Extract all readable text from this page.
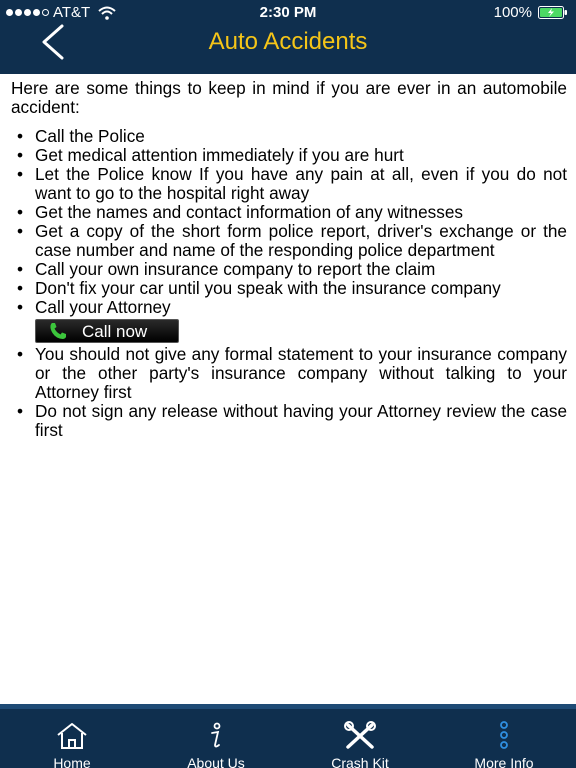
AT&T	2:30 PM	100%
Auto Accidents

Here are some things to keep in mind if you are ever in an automobile accident:

• Call the Police
• Get medical attention immediately if you are hurt
• Let the Police know If you have any pain at all, even if you do not want to go to the hospital right away
• Get the names and contact information of any witnesses
• Get a copy of the short form police report, driver's exchange or the case number and name of the responding police department
• Call your own insurance company to report the claim
• Don't fix your car until you speak with the insurance company
• Call your Attorney
Call now
• You should not give any formal statement to your insurance company or the other party's insurance company without talking to your Attorney first
• Do not sign any release without having your Attorney review the case first
Home	About Us	Crash Kit	More Info
